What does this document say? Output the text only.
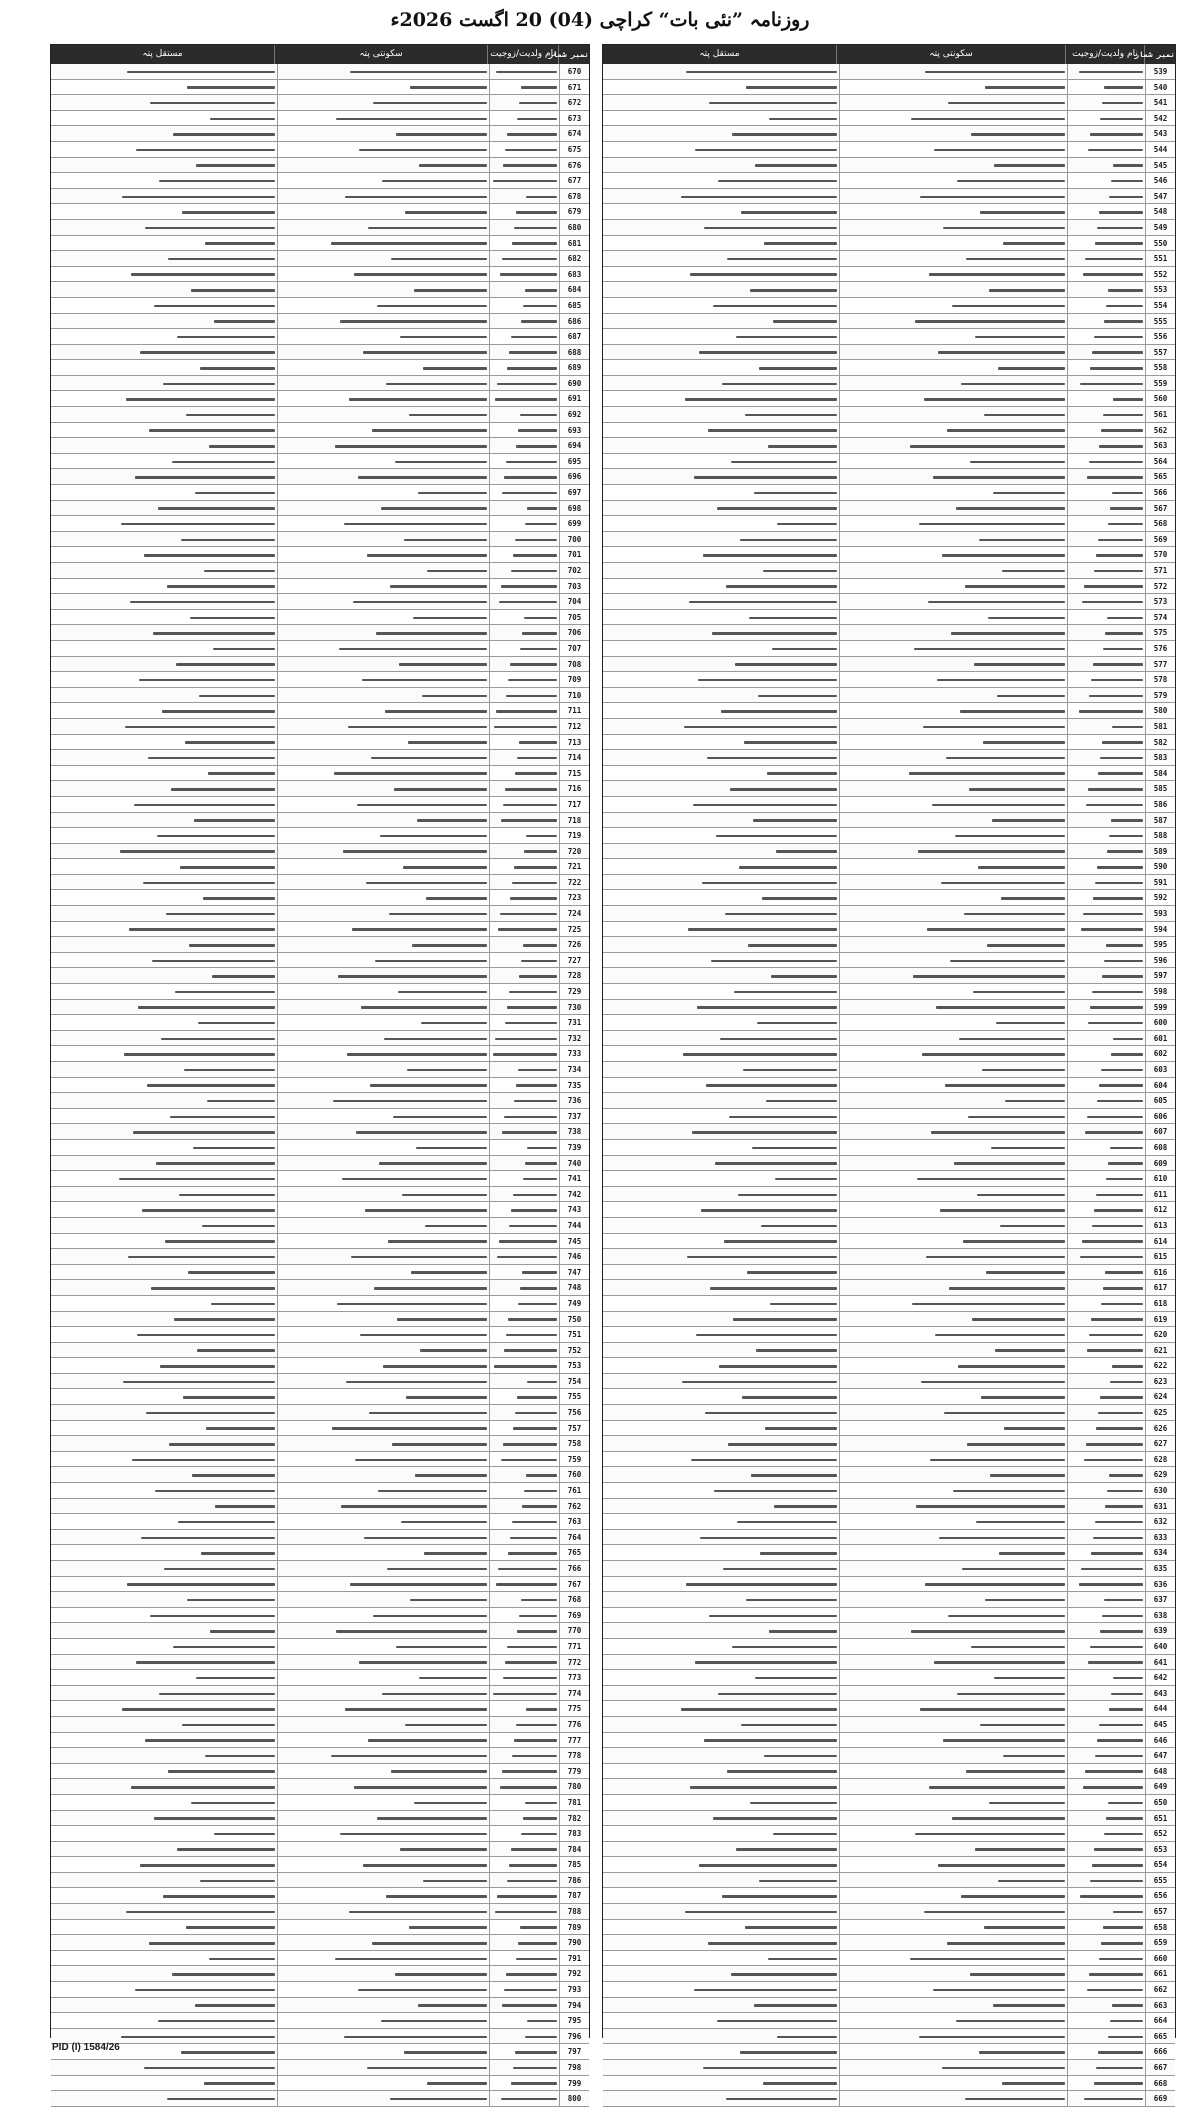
روزنامہ ”نئی بات“ کراچی (04) 20 اگست 2026ء
نمبر شمار
نام ولدیت/زوجیت
سکونتی پتہ
مستقل پتہ
539
540
541
542
543
544
545
546
547
548
549
550
551
552
553
554
555
556
557
558
559
560
561
562
563
564
565
566
567
568
569
570
571
572
573
574
575
576
577
578
579
580
581
582
583
584
585
586
587
588
589
590
591
592
593
594
595
596
597
598
599
600
601
602
603
604
605
606
607
608
609
610
611
612
613
614
615
616
617
618
619
620
621
622
623
624
625
626
627
628
629
630
631
632
633
634
635
636
637
638
639
640
641
642
643
644
645
646
647
648
649
650
651
652
653
654
655
656
657
658
659
660
661
662
663
664
665
666
667
668
669
نمبر شمار
نام ولدیت/زوجیت
سکونتی پتہ
مستقل پتہ
670
671
672
673
674
675
676
677
678
679
680
681
682
683
684
685
686
687
688
689
690
691
692
693
694
695
696
697
698
699
700
701
702
703
704
705
706
707
708
709
710
711
712
713
714
715
716
717
718
719
720
721
722
723
724
725
726
727
728
729
730
731
732
733
734
735
736
737
738
739
740
741
742
743
744
745
746
747
748
749
750
751
752
753
754
755
756
757
758
759
760
761
762
763
764
765
766
767
768
769
770
771
772
773
774
775
776
777
778
779
780
781
782
783
784
785
786
787
788
789
790
791
792
793
794
795
796
797
798
799
800
PID (I) 1584/26
